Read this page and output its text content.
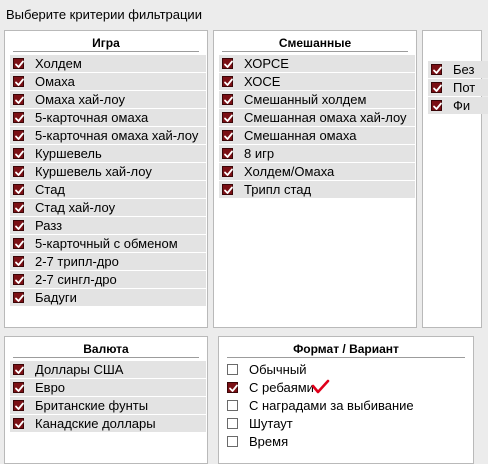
Выберите критерии фильтрации
Игра
Холдем
Омаха
Омаха хай-лоу
5-карточная омаха
5-карточная омаха хай-лоу
Куршевель
Куршевель хай-лоу
Стад
Стад хай-лоу
Разз
5-карточный с обменом
2-7 трипл-дро
2-7 сингл-дро
Бадуги
Смешанные
ХОРСЕ
ХОСЕ
Смешанный холдем
Смешанная омаха хай-лоу
Смешанная омаха
8 игр
Холдем/Омаха
Трипл стад
Без
Пот
Фи
Валюта
Доллары США
Евро
Британские фунты
Канадские доллары
Формат / Вариант
Обычный
С ребаями
С наградами за выбивание
Шутаут
Время
